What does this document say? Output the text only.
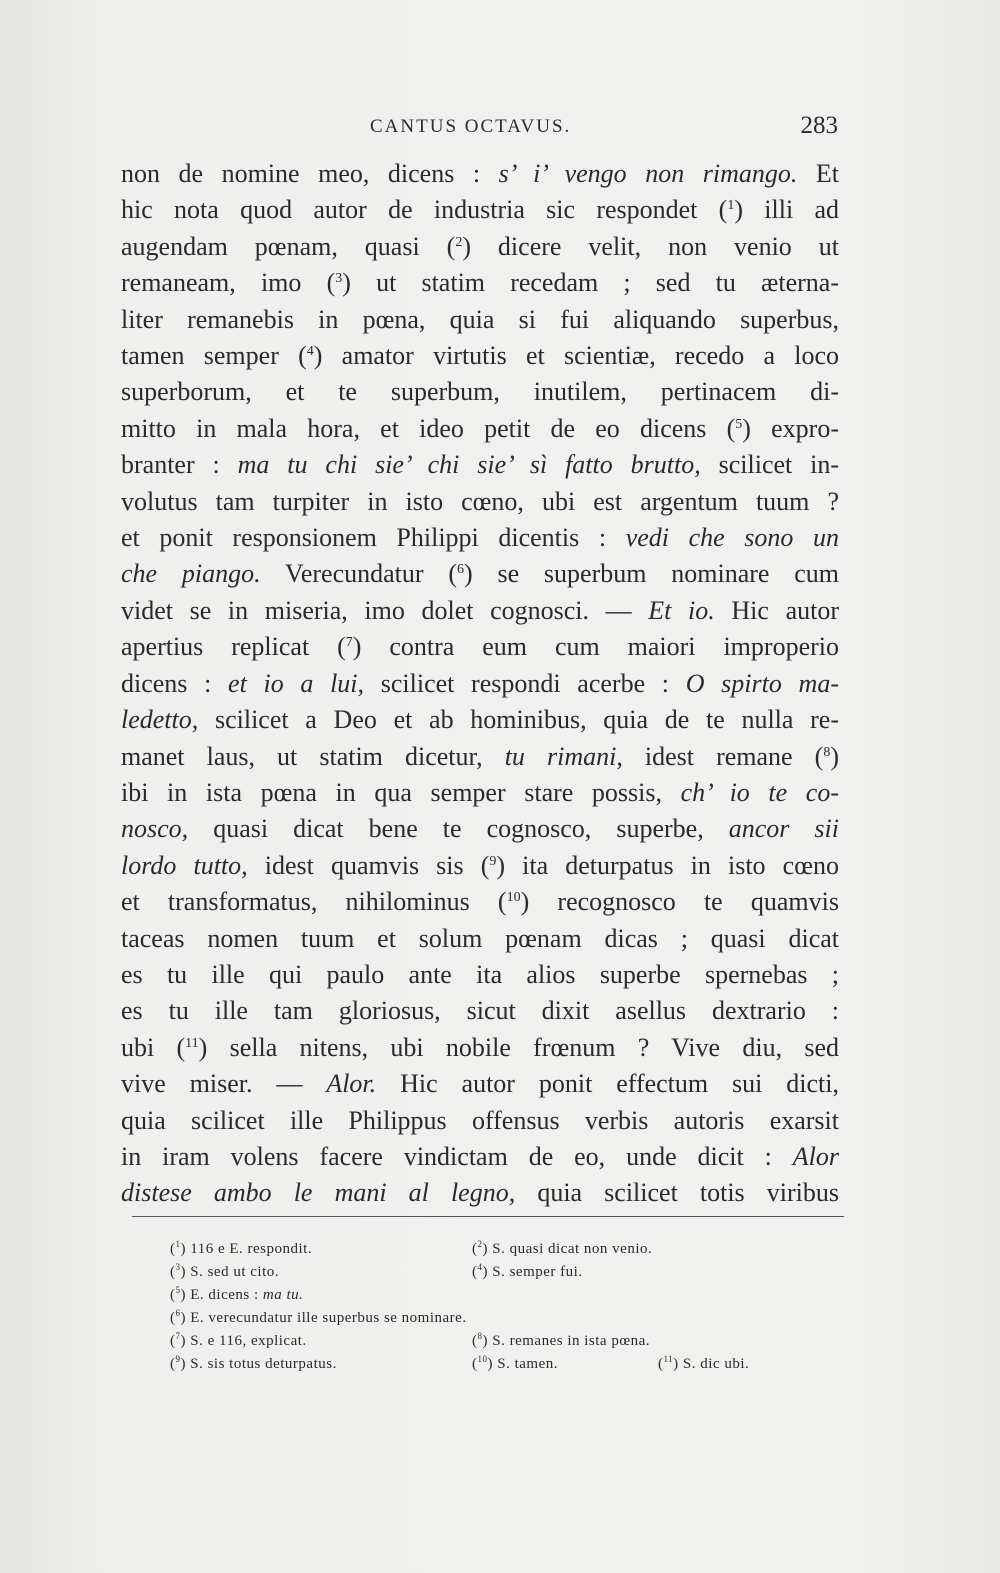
CANTUS OCTAVUS.	283
non de nomine meo, dicens : s’ i’ vengo non rimango. Et
hic nota quod autor de industria sic respondet ($^1$) illi ad
augendam pœnam, quasi ($^2$) dicere velit, non venio ut
remaneam, imo ($^3$) ut statim recedam ; sed tu æterna-
liter remanebis in pœna, quia si fui aliquando superbus,
tamen semper ($^4$) amator virtutis et scientiæ, recedo a loco
superborum, et te superbum, inutilem, pertinacem di-
mitto in mala hora, et ideo petit de eo dicens ($^5$) expro-
branter : ma tu chi sie’ chi sie’ sì fatto brutto, scilicet in-
volutus tam turpiter in isto cœno, ubi est argentum tuum ?
et ponit responsionem Philippi dicentis : vedi che sono un
che piango. Verecundatur ($^6$) se superbum nominare cum
videt se in miseria, imo dolet cognosci. — Et io. Hic autor
apertius replicat ($^7$) contra eum cum maiori improperio
dicens : et io a lui, scilicet respondi acerbe : O spirto ma-
ledetto, scilicet a Deo et ab hominibus, quia de te nulla re-
manet laus, ut statim dicetur, tu rimani, idest remane ($^8$)
ibi in ista pœna in qua semper stare possis, ch’ io te co-
nosco, quasi dicat bene te cognosco, superbe, ancor sii
lordo tutto, idest quamvis sis ($^9$) ita deturpatus in isto cœno
et transformatus, nihilominus ($^{10}$) recognosco te quamvis
taceas nomen tuum et solum pœnam dicas ; quasi dicat
es tu ille qui paulo ante ita alios superbe spernebas ;
es tu ille tam gloriosus, sicut dixit asellus dextrario :
ubi ($^{11}$) sella nitens, ubi nobile frœnum ? Vive diu, sed
vive miser. — Alor. Hic autor ponit effectum sui dicti,
quia scilicet ille Philippus offensus verbis autoris exarsit
in iram volens facere vindictam de eo, unde dicit : Alor
distese ambo le mani al legno, quia scilicet totis viribus
($^1$) 116 e E. respondit.	($^2$) S. quasi dicat non venio.
($^3$) S. sed ut cito.	($^4$) S. semper fui.
($^5$) E. dicens : ma tu.
($^6$) E. verecundatur ille superbus se nominare.
($^7$) S. e 116, explicat.	($^8$) S. remanes in ista pœna.
($^9$) S. sis totus deturpatus.	($^{10}$) S. tamen.	($^{11}$) S. dic ubi.
